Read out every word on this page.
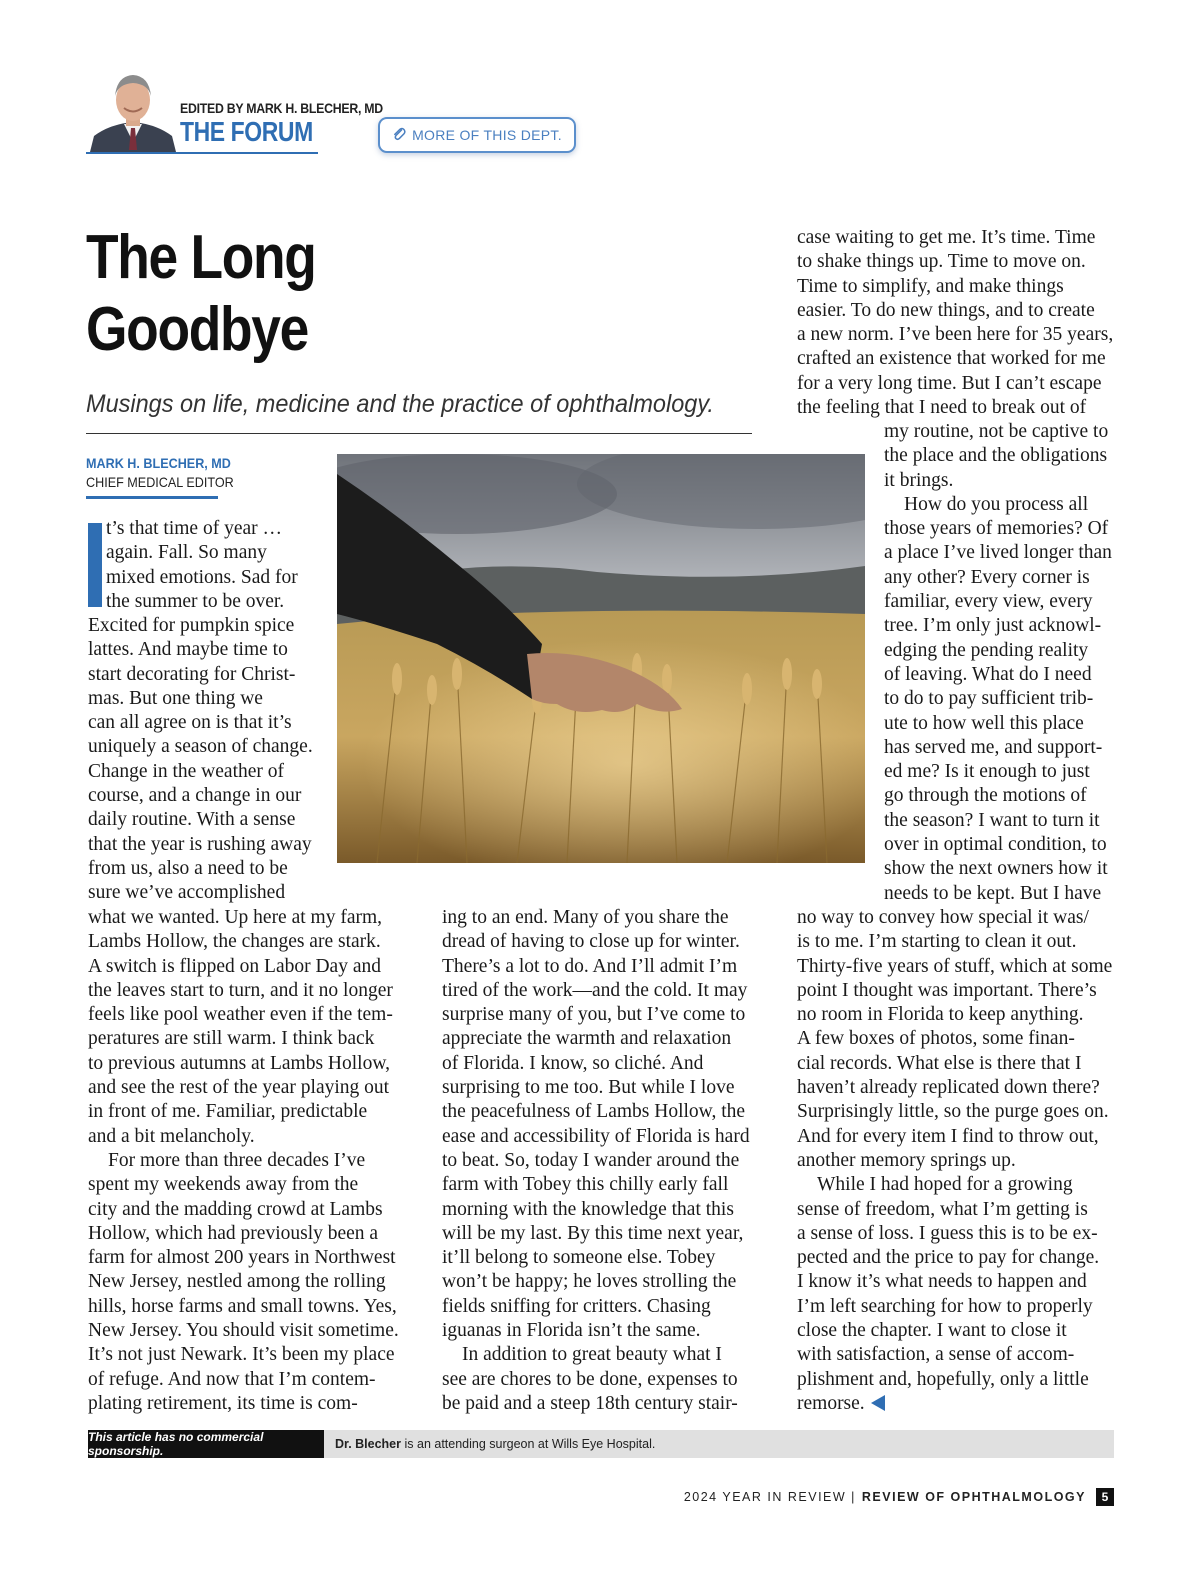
EDITED BY MARK H. BLECHER, MD
THE FORUM	MORE OF THIS DEPT.
The Long
Goodbye
Musings on life, medicine and the practice of ophthalmology.
MARK H. BLECHER, MD
CHIEF MEDICAL EDITOR
t’s that time of year …
again. Fall. So many
mixed emotions. Sad for
the summer to be over.
Excited for pumpkin spice
lattes. And maybe time to
start decorating for Christ-
mas. But one thing we
can all agree on is that it’s
uniquely a season of change.
Change in the weather of
course, and a change in our
daily routine. With a sense
that the year is rushing away
from us, also a need to be
sure we’ve accomplished
what we wanted. Up here at my farm,
Lambs Hollow, the changes are stark.
A switch is flipped on Labor Day and
the leaves start to turn, and it no longer
feels like pool weather even if the tem-
peratures are still warm. I think back
to previous autumns at Lambs Hollow,
and see the rest of the year playing out
in front of me. Familiar, predictable
and a bit melancholy.
For more than three decades I’ve
spent my weekends away from the
city and the madding crowd at Lambs
Hollow, which had previously been a
farm for almost 200 years in Northwest
New Jersey, nestled among the rolling
hills, horse farms and small towns. Yes,
New Jersey. You should visit sometime.
It’s not just Newark. It’s been my place
of refuge. And now that I’m contem-
plating retirement, its time is com-
ing to an end. Many of you share the
dread of having to close up for winter.
There’s a lot to do. And I’ll admit I’m
tired of the work—and the cold. It may
surprise many of you, but I’ve come to
appreciate the warmth and relaxation
of Florida. I know, so cliché. And
surprising to me too. But while I love
the peacefulness of Lambs Hollow, the
ease and accessibility of Florida is hard
to beat. So, today I wander around the
farm with Tobey this chilly early fall
morning with the knowledge that this
will be my last. By this time next year,
it’ll belong to someone else. Tobey
won’t be happy; he loves strolling the
fields sniffing for critters. Chasing
iguanas in Florida isn’t the same.
In addition to great beauty what I
see are chores to be done, expenses to
be paid and a steep 18th century stair-
case waiting to get me. It’s time. Time
to shake things up. Time to move on.
Time to simplify, and make things
easier. To do new things, and to create
a new norm. I’ve been here for 35 years,
crafted an existence that worked for me
for a very long time. But I can’t escape
the feeling that I need to break out of
my routine, not be captive to
the place and the obligations
it brings.
How do you process all
those years of memories? Of
a place I’ve lived longer than
any other? Every corner is
familiar, every view, every
tree. I’m only just acknowl-
edging the pending reality
of leaving. What do I need
to do to pay sufficient trib-
ute to how well this place
has served me, and support-
ed me? Is it enough to just
go through the motions of
the season? I want to turn it
over in optimal condition, to
show the next owners how it
needs to be kept. But I have
no way to convey how special it was/
is to me. I’m starting to clean it out.
Thirty-five years of stuff, which at some
point I thought was important. There’s
no room in Florida to keep anything.
A few boxes of photos, some finan-
cial records. What else is there that I
haven’t already replicated down there?
Surprisingly little, so the purge goes on.
And for every item I find to throw out,
another memory springs up.
While I had hoped for a growing
sense of freedom, what I’m getting is
a sense of loss. I guess this is to be ex-
pected and the price to pay for change.
I know it’s what needs to happen and
I’m left searching for how to properly
close the chapter. I want to close it
with satisfaction, a sense of accom-
plishment and, hopefully, only a little
remorse.
This article has no commercial sponsorship.	Dr. Blecher is an attending surgeon at Wills Eye Hospital.
2024 YEAR IN REVIEW | REVIEW OF OPHTHALMOLOGY	5
